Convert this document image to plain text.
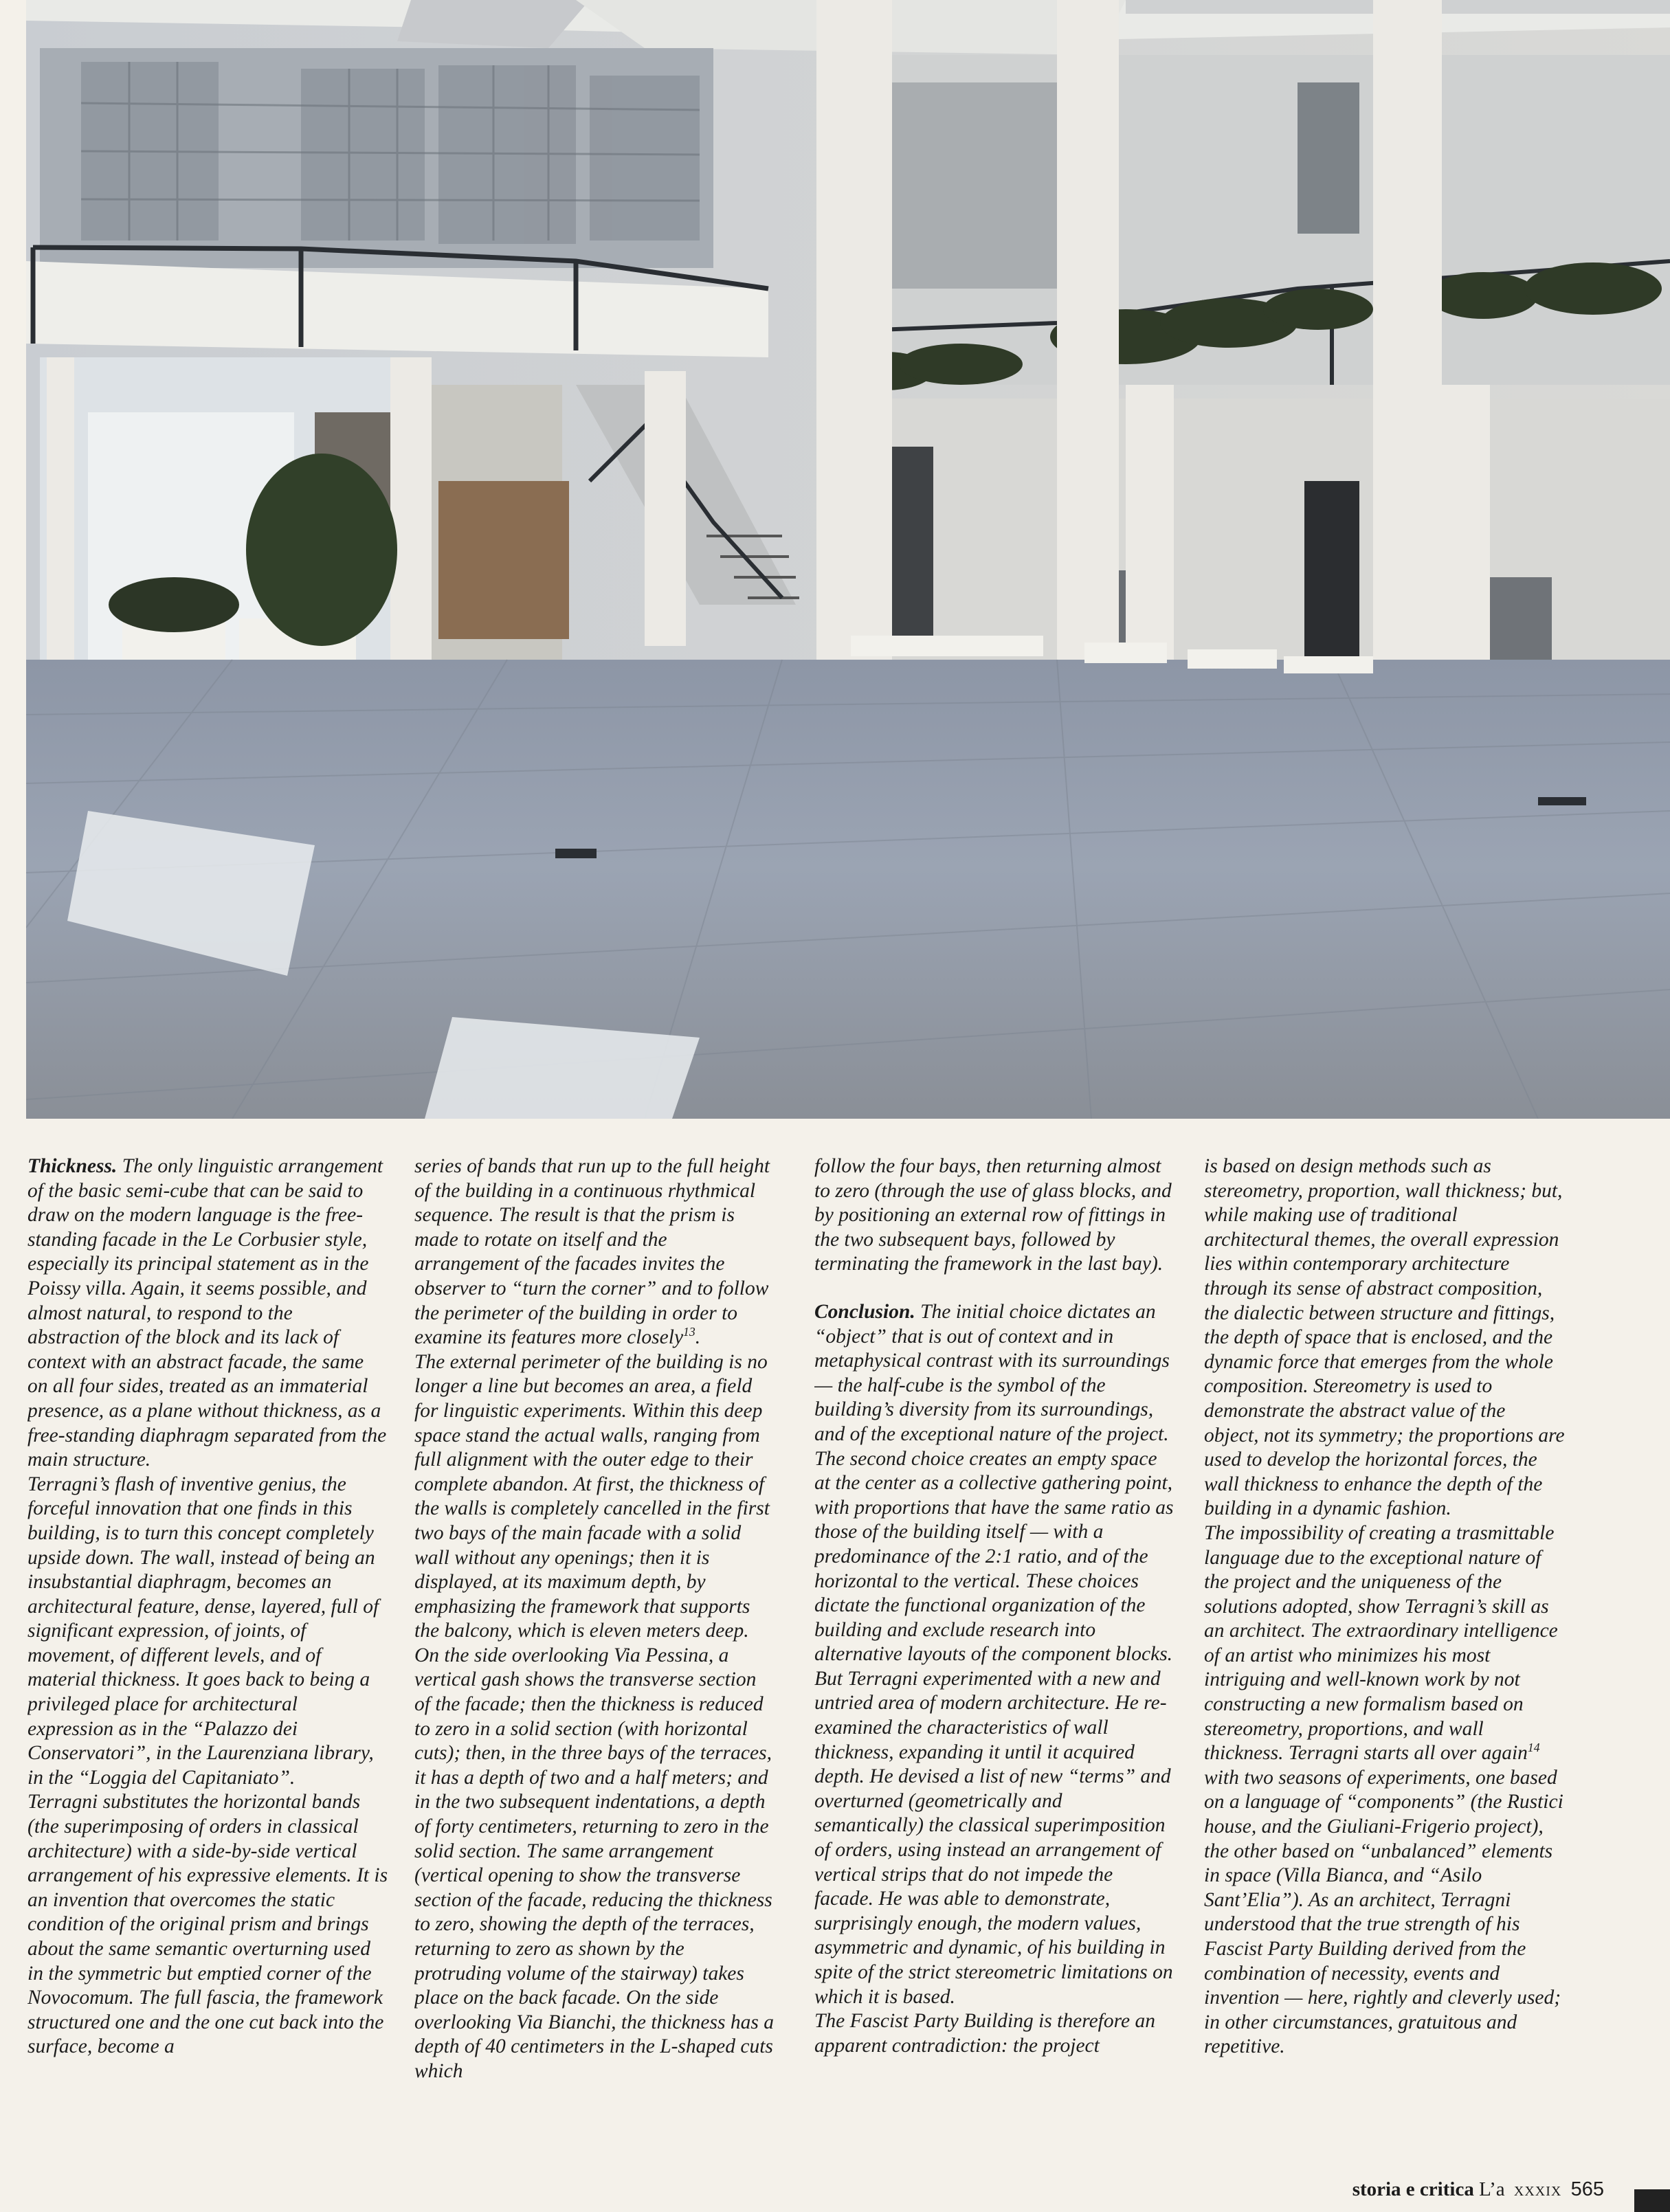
Thickness. The only linguistic arrangement of the basic semi-cube that can be said to draw on the modern language is the free-standing facade in the Le Corbusier style, especially its principal statement as in the Poissy villa. Again, it seems possible, and almost natural, to respond to the abstraction of the block and its lack of context with an abstract facade, the same on all four sides, treated as an immaterial presence, as a plane without thickness, as a free-standing diaphragm separated from the main structure.

Terragni’s flash of inventive genius, the forceful innovation that one finds in this building, is to turn this concept completely upside down. The wall, instead of being an insubstantial diaphragm, becomes an architectural feature, dense, layered, full of significant expression, of joints, of movement, of different levels, and of material thickness. It goes back to being a privileged place for architectural expression as in the “Palazzo dei Conservatori”, in the Laurenziana library, in the “Loggia del Capitaniato”.

Terragni substitutes the horizontal bands (the superimposing of orders in classical architecture) with a side-by-side vertical arrangement of his expressive elements. It is an invention that overcomes the static condition of the original prism and brings about the same semantic overturning used in the symmetric but emptied corner of the Novocomum. The full fascia, the framework structured one and the one cut back into the surface, become a

series of bands that run up to the full height of the building in a continuous rhythmical sequence. The result is that the prism is made to rotate on itself and the arrangement of the facades invites the observer to “turn the corner” and to follow the perimeter of the building in order to examine its features more closely$^{13}$.

The external perimeter of the building is no longer a line but becomes an area, a field for linguistic experiments. Within this deep space stand the actual walls, ranging from full alignment with the outer edge to their complete abandon. At first, the thickness of the walls is completely cancelled in the first two bays of the main facade with a solid wall without any openings; then it is displayed, at its maximum depth, by emphasizing the framework that supports the balcony, which is eleven meters deep. On the side overlooking Via Pessina, a vertical gash shows the transverse section of the facade; then the thickness is reduced to zero in a solid section (with horizontal cuts); then, in the three bays of the terraces, it has a depth of two and a half meters; and in the two subsequent indentations, a depth of forty centimeters, returning to zero in the solid section. The same arrangement (vertical opening to show the transverse section of the facade, reducing the thickness to zero, showing the depth of the terraces, returning to zero as shown by the protruding volume of the stairway) takes place on the back facade. On the side overlooking Via Bianchi, the thickness has a depth of 40 centimeters in the L-shaped cuts which

follow the four bays, then returning almost to zero (through the use of glass blocks, and by positioning an external row of fittings in the two subsequent bays, followed by terminating the framework in the last bay).

Conclusion. The initial choice dictates an “object” that is out of context and in metaphysical contrast with its surroundings — the half-cube is the symbol of the building’s diversity from its surroundings, and of the exceptional nature of the project. The second choice creates an empty space at the center as a collective gathering point, with proportions that have the same ratio as those of the building itself — with a predominance of the 2:1 ratio, and of the horizontal to the vertical. These choices dictate the functional organization of the building and exclude research into alternative layouts of the component blocks. But Terragni experimented with a new and untried area of modern architecture. He re-examined the characteristics of wall thickness, expanding it until it acquired depth. He devised a list of new “terms” and overturned (geometrically and semantically) the classical superimposition of orders, using instead an arrangement of vertical strips that do not impede the facade. He was able to demonstrate, surprisingly enough, the modern values, asymmetric and dynamic, of his building in spite of the strict stereometric limitations on which it is based.

The Fascist Party Building is therefore an apparent contradiction: the project

is based on design methods such as stereometry, proportion, wall thickness; but, while making use of traditional architectural themes, the overall expression lies within contemporary architecture through its sense of abstract composition, the dialectic between structure and fittings, the depth of space that is enclosed, and the dynamic force that emerges from the whole composition. Stereometry is used to demonstrate the abstract value of the object, not its symmetry; the proportions are used to develop the horizontal forces, the wall thickness to enhance the depth of the building in a dynamic fashion.

The impossibility of creating a trasmittable language due to the exceptional nature of the project and the uniqueness of the solutions adopted, show Terragni’s skill as an architect. The extraordinary intelligence of an artist who minimizes his most intriguing and well-known work by not constructing a new formalism based on stereometry, proportions, and wall thickness. Terragni starts all over again$^{14}$ with two seasons of experiments, one based on a language of “components” (the Rustici house, and the Giuliani-Frigerio project), the other based on “unbalanced” elements in space (Villa Bianca, and “Asilo Sant’Elia”). As an architect, Terragni understood that the true strength of his Fascist Party Building derived from the combination of necessity, events and invention — here, rightly and cleverly used; in other circumstances, gratuitous and repetitive.

storia e critica L’a xxxix 565
